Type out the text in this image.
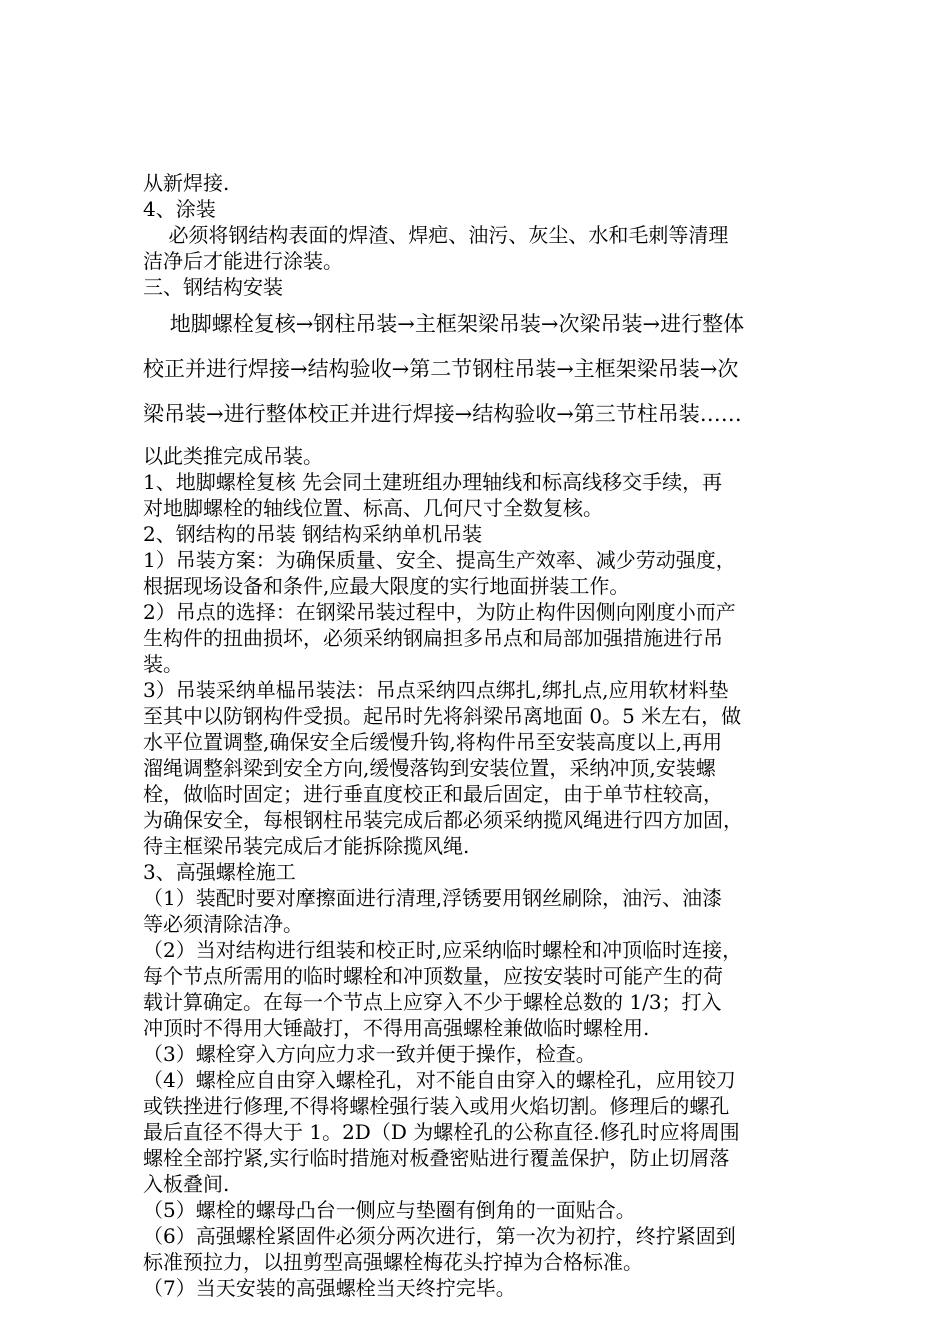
从新焊接.

4、涂装

必须将钢结构表面的焊渣、焊疤、油污、灰尘、水和毛刺等清理

洁净后才能进行涂装。

三、钢结构安装

地脚螺栓复核→钢柱吊装→主框架梁吊装→次梁吊装→进行整体

校正并进行焊接→结构验收→第二节钢柱吊装→主框架梁吊装→次

梁吊装→进行整体校正并进行焊接→结构验收→第三节柱吊装……

以此类推完成吊装。

1、地脚螺栓复核 先会同土建班组办理轴线和标高线移交手续，再

对地脚螺栓的轴线位置、标高、几何尺寸全数复核。

2、钢结构的吊装 钢结构采纳单机吊装

1）吊装方案：为确保质量、安全、提高生产效率、减少劳动强度，

根据现场设备和条件,应最大限度的实行地面拼装工作。

2）吊点的选择：在钢梁吊装过程中，为防止构件因侧向刚度小而产

生构件的扭曲损坏，必须采纳钢扁担多吊点和局部加强措施进行吊

装。

3）吊装采纳单榀吊装法：吊点采纳四点绑扎,绑扎点,应用软材料垫

至其中以防钢构件受损。起吊时先将斜梁吊离地面 0。5 米左右，做

水平位置调整,确保安全后缓慢升钩,将构件吊至安装高度以上,再用

溜绳调整斜梁到安全方向,缓慢落钩到安装位置，采纳冲顶,安装螺

栓，做临时固定；进行垂直度校正和最后固定，由于单节柱较高，

为确保安全，每根钢柱吊装完成后都必须采纳揽风绳进行四方加固，

待主框梁吊装完成后才能拆除揽风绳.

3、高强螺栓施工

（1）装配时要对摩擦面进行清理,浮锈要用钢丝刷除，油污、油漆

等必须清除洁净。

（2）当对结构进行组装和校正时,应采纳临时螺栓和冲顶临时连接，

每个节点所需用的临时螺栓和冲顶数量，应按安装时可能产生的荷

载计算确定。在每一个节点上应穿入不少于螺栓总数的 1/3；打入

冲顶时不得用大锤敲打，不得用高强螺栓兼做临时螺栓用.

（3）螺栓穿入方向应力求一致并便于操作，检查。

（4）螺栓应自由穿入螺栓孔，对不能自由穿入的螺栓孔，应用铰刀

或铁挫进行修理,不得将螺栓强行装入或用火焰切割。修理后的螺孔

最后直径不得大于 1。2D（D 为螺栓孔的公称直径.修孔时应将周围

螺栓全部拧紧,实行临时措施对板叠密贴进行覆盖保护，防止切屑落

入板叠间.

（5）螺栓的螺母凸台一侧应与垫圈有倒角的一面贴合。

（6）高强螺栓紧固件必须分两次进行，第一次为初拧，终拧紧固到

标准预拉力，以扭剪型高强螺栓梅花头拧掉为合格标准。

（7）当天安装的高强螺栓当天终拧完毕。
